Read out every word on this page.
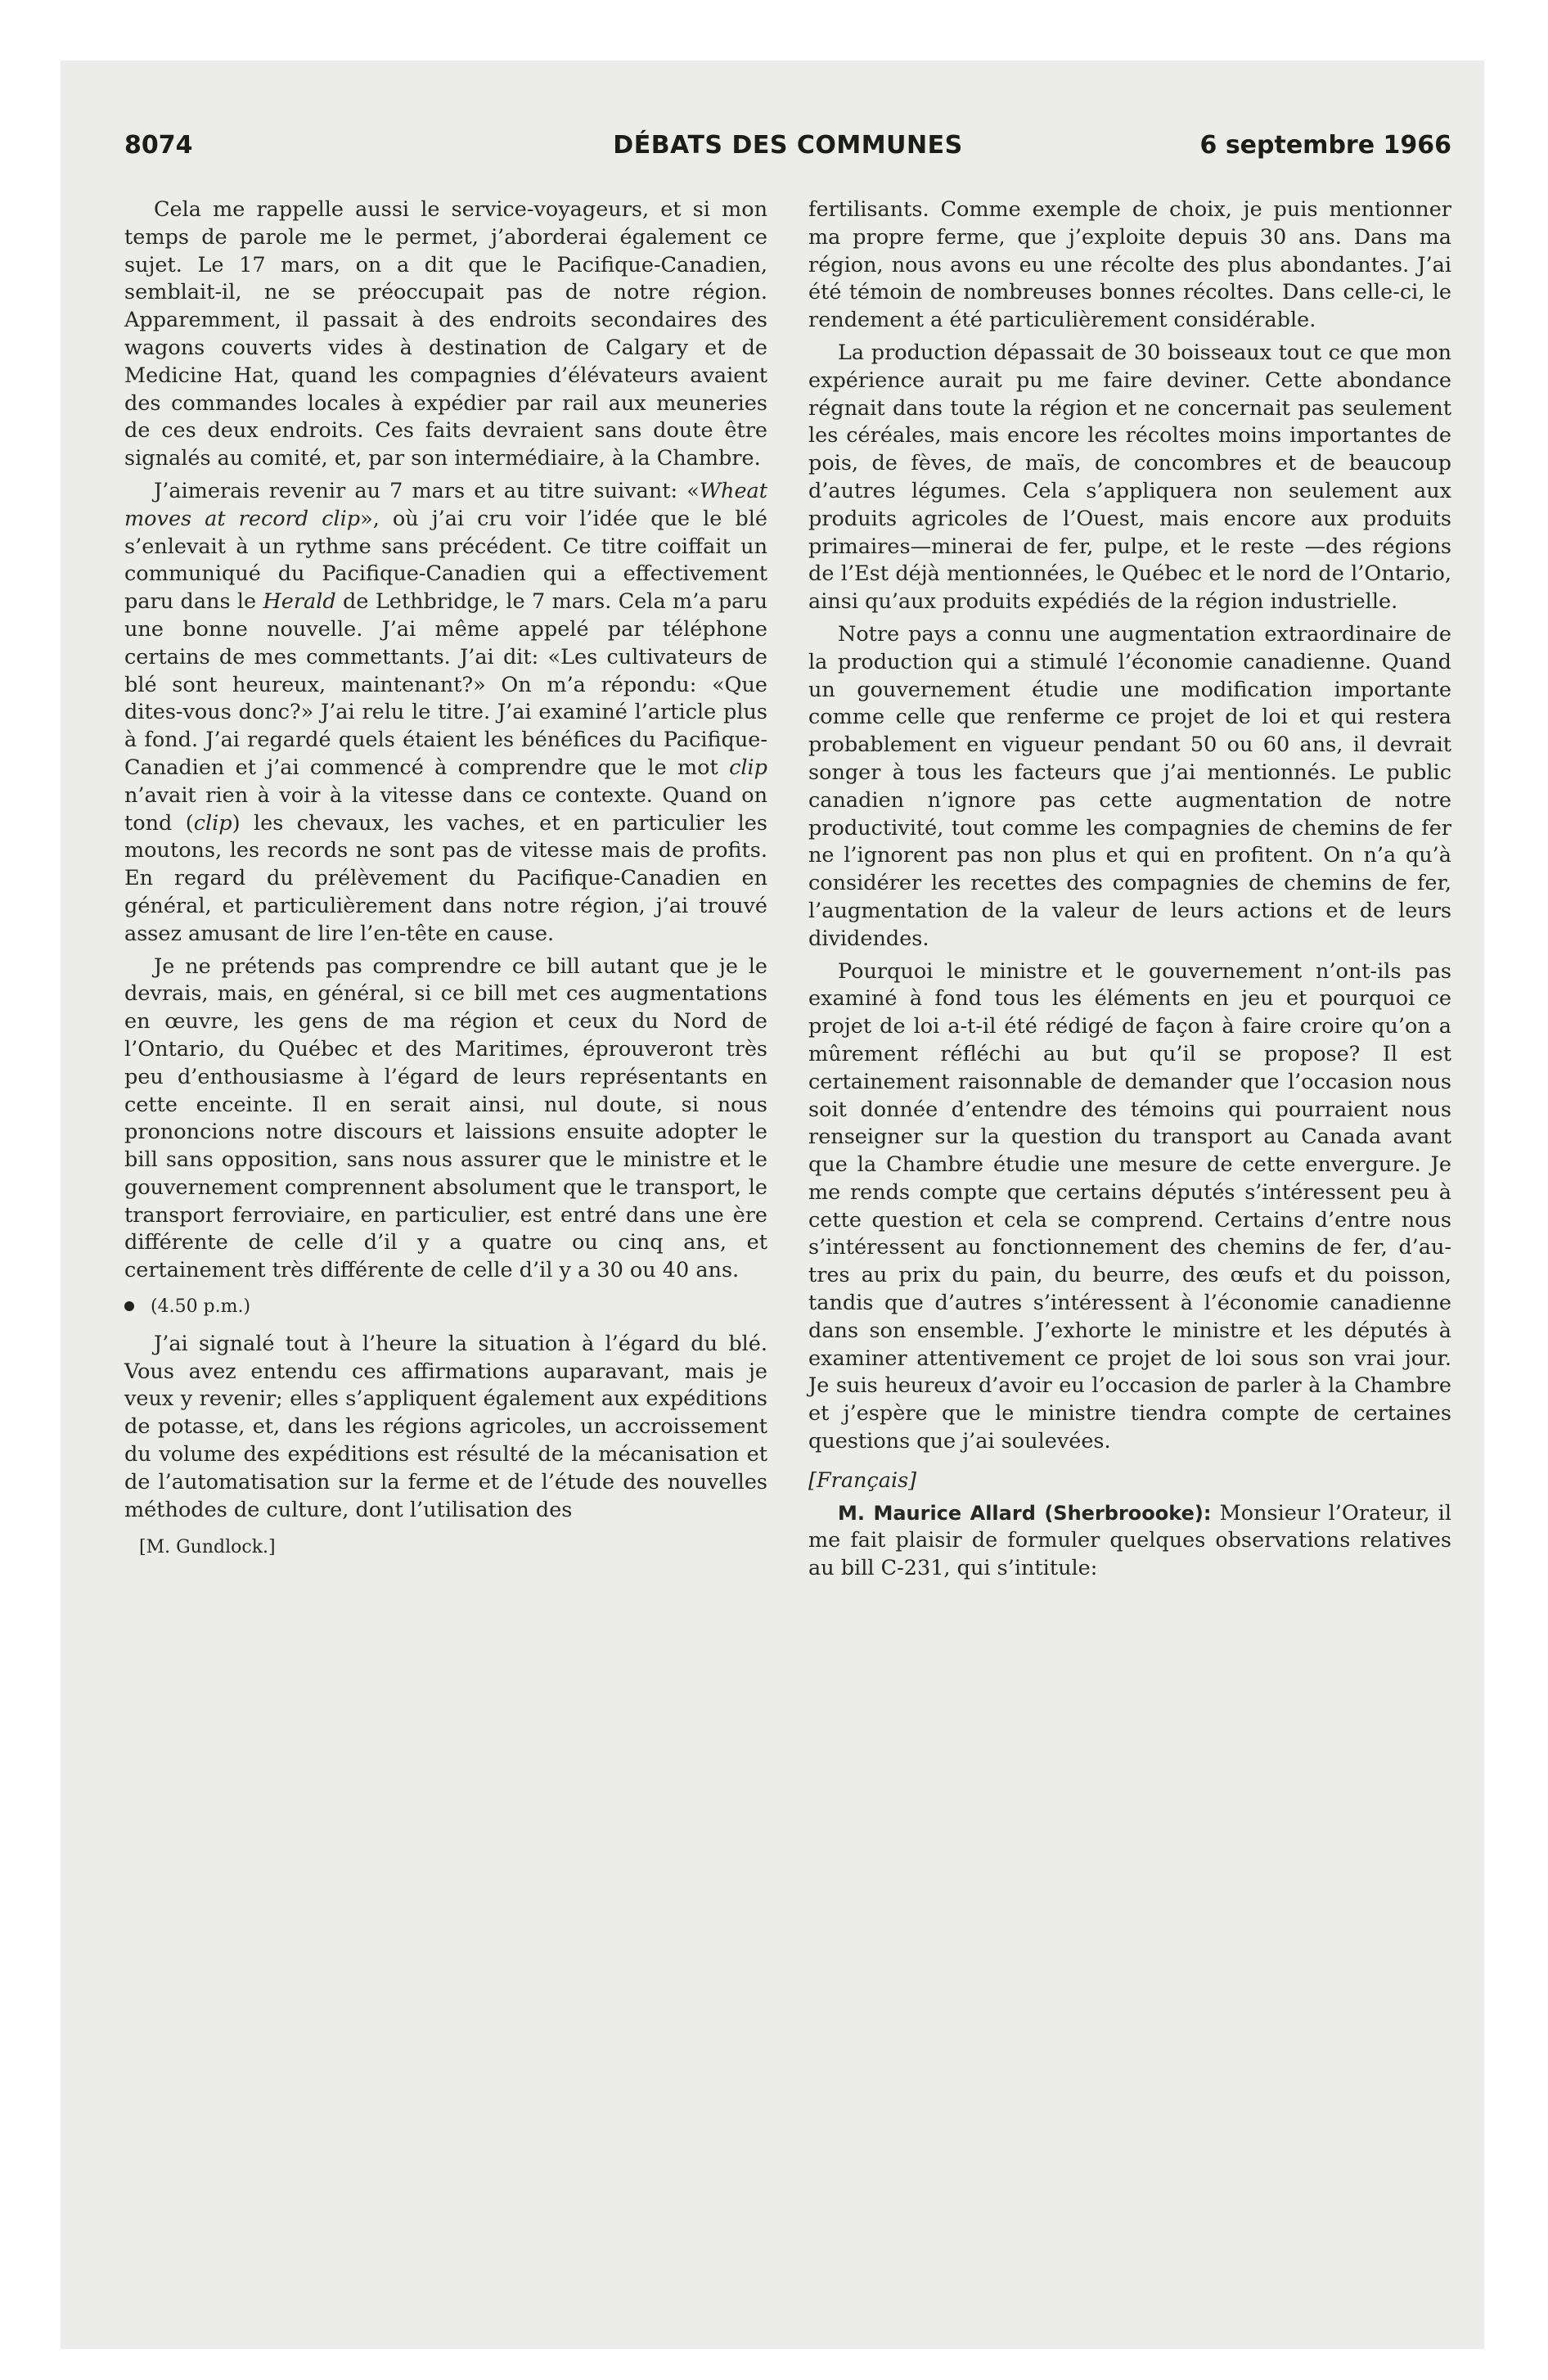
8074	DÉBATS DES COMMUNES	6 septembre 1966

Cela me rappelle aussi le service-voyageurs, et si mon temps de parole me le permet, j’aborderai également ce sujet. Le 17 mars, on a dit que le Pacifique-Canadien, semblait-il, ne se préoccupait pas de notre région. Apparemment, il passait à des endroits secondaires des wagons couverts vides à destination de Calgary et de Medicine Hat, quand les compagnies d’élévateurs avaient des commandes locales à expédier par rail aux meuneries de ces deux endroits. Ces faits devraient sans doute être signalés au comité, et, par son intermédiaire, à la Chambre.

J’aimerais revenir au 7 mars et au titre suivant: «Wheat moves at record clip», où j’ai cru voir l’idée que le blé s’enlevait à un rythme sans précédent. Ce titre coiffait un communiqué du Pacifique-Canadien qui a effectivement paru dans le Herald de Lethbridge, le 7 mars. Cela m’a paru une bonne nouvelle. J’ai même appelé par téléphone certains de mes commettants. J’ai dit: «Les cultivateurs de blé sont heureux, maintenant?» On m’a répondu: «Que dites-vous donc?» J’ai relu le titre. J’ai examiné l’article plus à fond. J’ai regardé quels étaient les bénéfices du Pacifique-Canadien et j’ai commencé à comprendre que le mot clip n’avait rien à voir à la vitesse dans ce contexte. Quand on tond (clip) les chevaux, les vaches, et en particulier les moutons, les records ne sont pas de vitesse mais de profits. En regard du prélèvement du Pacifique-Canadien en général, et particulièrement dans notre région, j’ai trouvé assez amusant de lire l’en-tête en cause.

Je ne prétends pas comprendre ce bill autant que je le devrais, mais, en général, si ce bill met ces augmentations en œuvre, les gens de ma région et ceux du Nord de l’Ontario, du Québec et des Maritimes, éprouveront très peu d’enthousiasme à l’égard de leurs représentants en cette enceinte. Il en serait ainsi, nul doute, si nous prononcions notre discours et laissions ensuite adopter le bill sans opposition, sans nous assurer que le ministre et le gouvernement comprennent absolument que le transport, le transport ferroviaire, en particulier, est entré dans une ère différente de celle d’il y a quatre ou cinq ans, et certainement très différente de celle d’il y a 30 ou 40 ans.

(4.50 p.m.)

J’ai signalé tout à l’heure la situation à l’égard du blé. Vous avez entendu ces affirmations auparavant, mais je veux y revenir; elles s’appliquent également aux expéditions de potasse, et, dans les régions agricoles, un accroissement du volume des expéditions est résulté de la mécanisation et de l’automatisation sur la ferme et de l’étude des nouvelles méthodes de culture, dont l’utilisation des

[M. Gundlock.]

fertilisants. Comme exemple de choix, je puis mentionner ma propre ferme, que j’exploite depuis 30 ans. Dans ma région, nous avons eu une récolte des plus abondantes. J’ai été témoin de nombreuses bonnes récoltes. Dans celle-ci, le rendement a été particulièrement considérable.

La production dépassait de 30 boisseaux tout ce que mon expérience aurait pu me faire deviner. Cette abondance régnait dans toute la région et ne concernait pas seulement les céréales, mais encore les récoltes moins importantes de pois, de fèves, de maïs, de concombres et de beaucoup d’autres légumes. Cela s’appliquera non seulement aux produits agricoles de l’Ouest, mais encore aux produits primaires—minerai de fer, pulpe, et le reste —des régions de l’Est déjà mentionnées, le Québec et le nord de l’Ontario, ainsi qu’aux produits expédiés de la région industrielle.

Notre pays a connu une augmentation extraordinaire de la production qui a stimulé l’économie canadienne. Quand un gouvernement étudie une modification importante comme celle que renferme ce projet de loi et qui restera probablement en vigueur pendant 50 ou 60 ans, il devrait songer à tous les facteurs que j’ai mentionnés. Le public canadien n’ignore pas cette augmentation de notre productivité, tout comme les compagnies de chemins de fer ne l’ignorent pas non plus et qui en profitent. On n’a qu’à considérer les recettes des compagnies de chemins de fer, l’augmentation de la valeur de leurs actions et de leurs dividendes.

Pourquoi le ministre et le gouvernement n’ont-ils pas examiné à fond tous les éléments en jeu et pourquoi ce projet de loi a-t-il été rédigé de façon à faire croire qu’on a mûrement réfléchi au but qu’il se propose? Il est certainement raisonnable de demander que l’occasion nous soit donnée d’entendre des témoins qui pourraient nous renseigner sur la question du transport au Canada avant que la Chambre étudie une mesure de cette envergure. Je me rends compte que certains députés s’intéressent peu à cette question et cela se comprend. Certains d’entre nous s’intéressent au fonctionnement des chemins de fer, d’autres au prix du pain, du beurre, des œufs et du poisson, tandis que d’autres s’intéressent à l’économie canadienne dans son ensemble. J’exhorte le ministre et les députés à examiner attentivement ce projet de loi sous son vrai jour. Je suis heureux d’avoir eu l’occasion de parler à la Chambre et j’espère que le ministre tiendra compte de certaines questions que j’ai soulevées.

[Français]

M. Maurice Allard (Sherbroooke): Monsieur l’Orateur, il me fait plaisir de formuler quelques observations relatives au bill C-231, qui s’intitule:
